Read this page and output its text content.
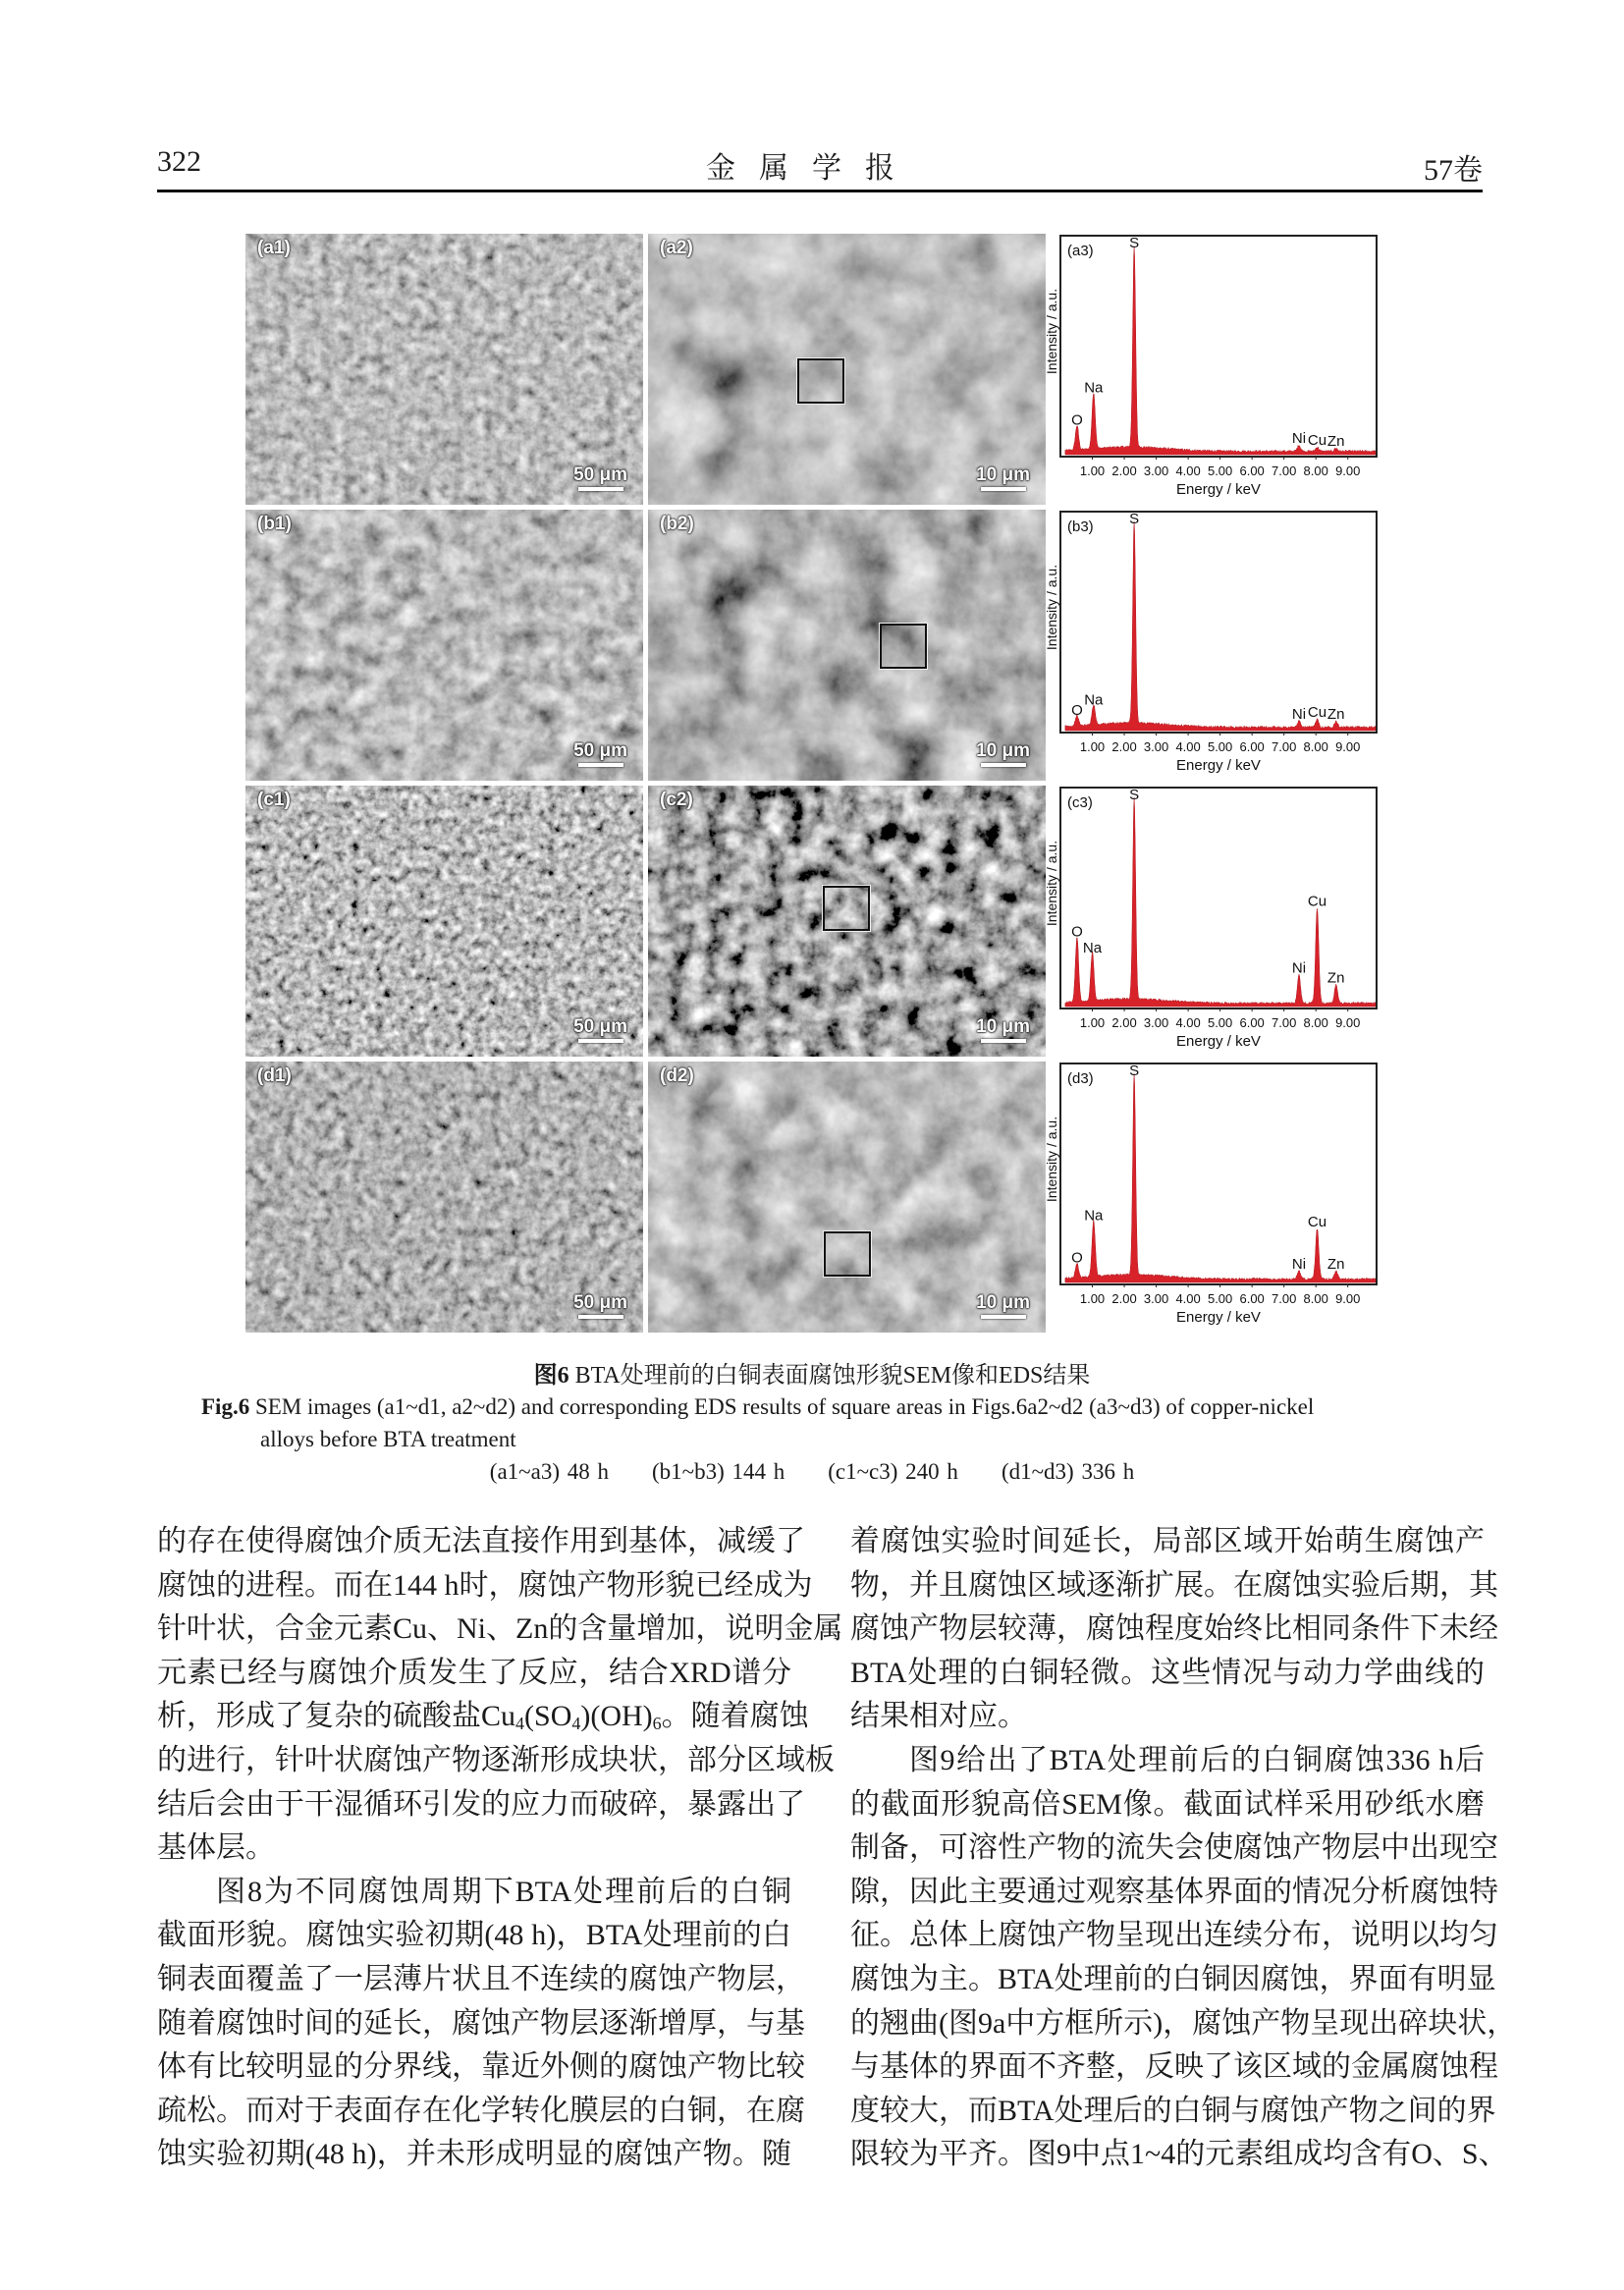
322	金属学报	57卷
(a1)
50 μm
(a2)
10 μm
(b1)
50 μm
(b2)
10 μm
(c1)
50 μm
(c2)
10 μm
(d1)
50 μm
(d2)
10 μm
(a3)
O
Na
S
Ni Cu Zn
1.00 2.00 3.00 4.00 5.00 6.00 7.00 8.00 9.00
Energy / keV
Intensity / a.u.
(b3)
O
Na
S
Ni Cu Zn
1.00 2.00 3.00 4.00 5.00 6.00 7.00 8.00 9.00
Energy / keV
Intensity / a.u.
(c3)
O
Na
S
Ni
Cu
Zn
1.00 2.00 3.00 4.00 5.00 6.00 7.00 8.00 9.00
Energy / keV
Intensity / a.u.
(d3)
O
Na
S
Ni
Cu
Zn
1.00 2.00 3.00 4.00 5.00 6.00 7.00 8.00 9.00
Energy / keV
Intensity / a.u.
图6 BTA处理前的白铜表面腐蚀形貌SEM像和EDS结果
Fig.6 SEM images (a1~d1, a2~d2) and corresponding EDS results of square areas in Figs.6a2~d2 (a3~d3) of copper-nickel
alloys before BTA treatment
(a1~a3) 48 h (b1~b3) 144 h (c1~c3) 240 h (d1~d3) 336 h
的存在使得腐蚀介质无法直接作用到基体，减缓了
腐蚀的进程。而在144 h时，腐蚀产物形貌已经成为
针叶状，合金元素Cu、Ni、Zn的含量增加，说明金属
元素已经与腐蚀介质发生了反应，结合XRD谱分
析，形成了复杂的硫酸盐$Cu_4(SO_4)(OH)_6$。随着腐蚀
的进行，针叶状腐蚀产物逐渐形成块状，部分区域板
结后会由于干湿循环引发的应力而破碎，暴露出了
基体层。
图8为不同腐蚀周期下BTA处理前后的白铜
截面形貌。腐蚀实验初期(48 h)，BTA处理前的白
铜表面覆盖了一层薄片状且不连续的腐蚀产物层，
随着腐蚀时间的延长，腐蚀产物层逐渐增厚，与基
体有比较明显的分界线，靠近外侧的腐蚀产物比较
疏松。而对于表面存在化学转化膜层的白铜，在腐
蚀实验初期(48 h)，并未形成明显的腐蚀产物。随
着腐蚀实验时间延长，局部区域开始萌生腐蚀产
物，并且腐蚀区域逐渐扩展。在腐蚀实验后期，其
腐蚀产物层较薄，腐蚀程度始终比相同条件下未经
BTA处理的白铜轻微。这些情况与动力学曲线的
结果相对应。
图9给出了BTA处理前后的白铜腐蚀336 h后
的截面形貌高倍SEM像。截面试样采用砂纸水磨
制备，可溶性产物的流失会使腐蚀产物层中出现空
隙，因此主要通过观察基体界面的情况分析腐蚀特
征。总体上腐蚀产物呈现出连续分布，说明以均匀
腐蚀为主。BTA处理前的白铜因腐蚀，界面有明显
的翘曲(图9a中方框所示)，腐蚀产物呈现出碎块状，
与基体的界面不齐整，反映了该区域的金属腐蚀程
度较大，而BTA处理后的白铜与腐蚀产物之间的界
限较为平齐。图9中点1~4的元素组成均含有O、S、
